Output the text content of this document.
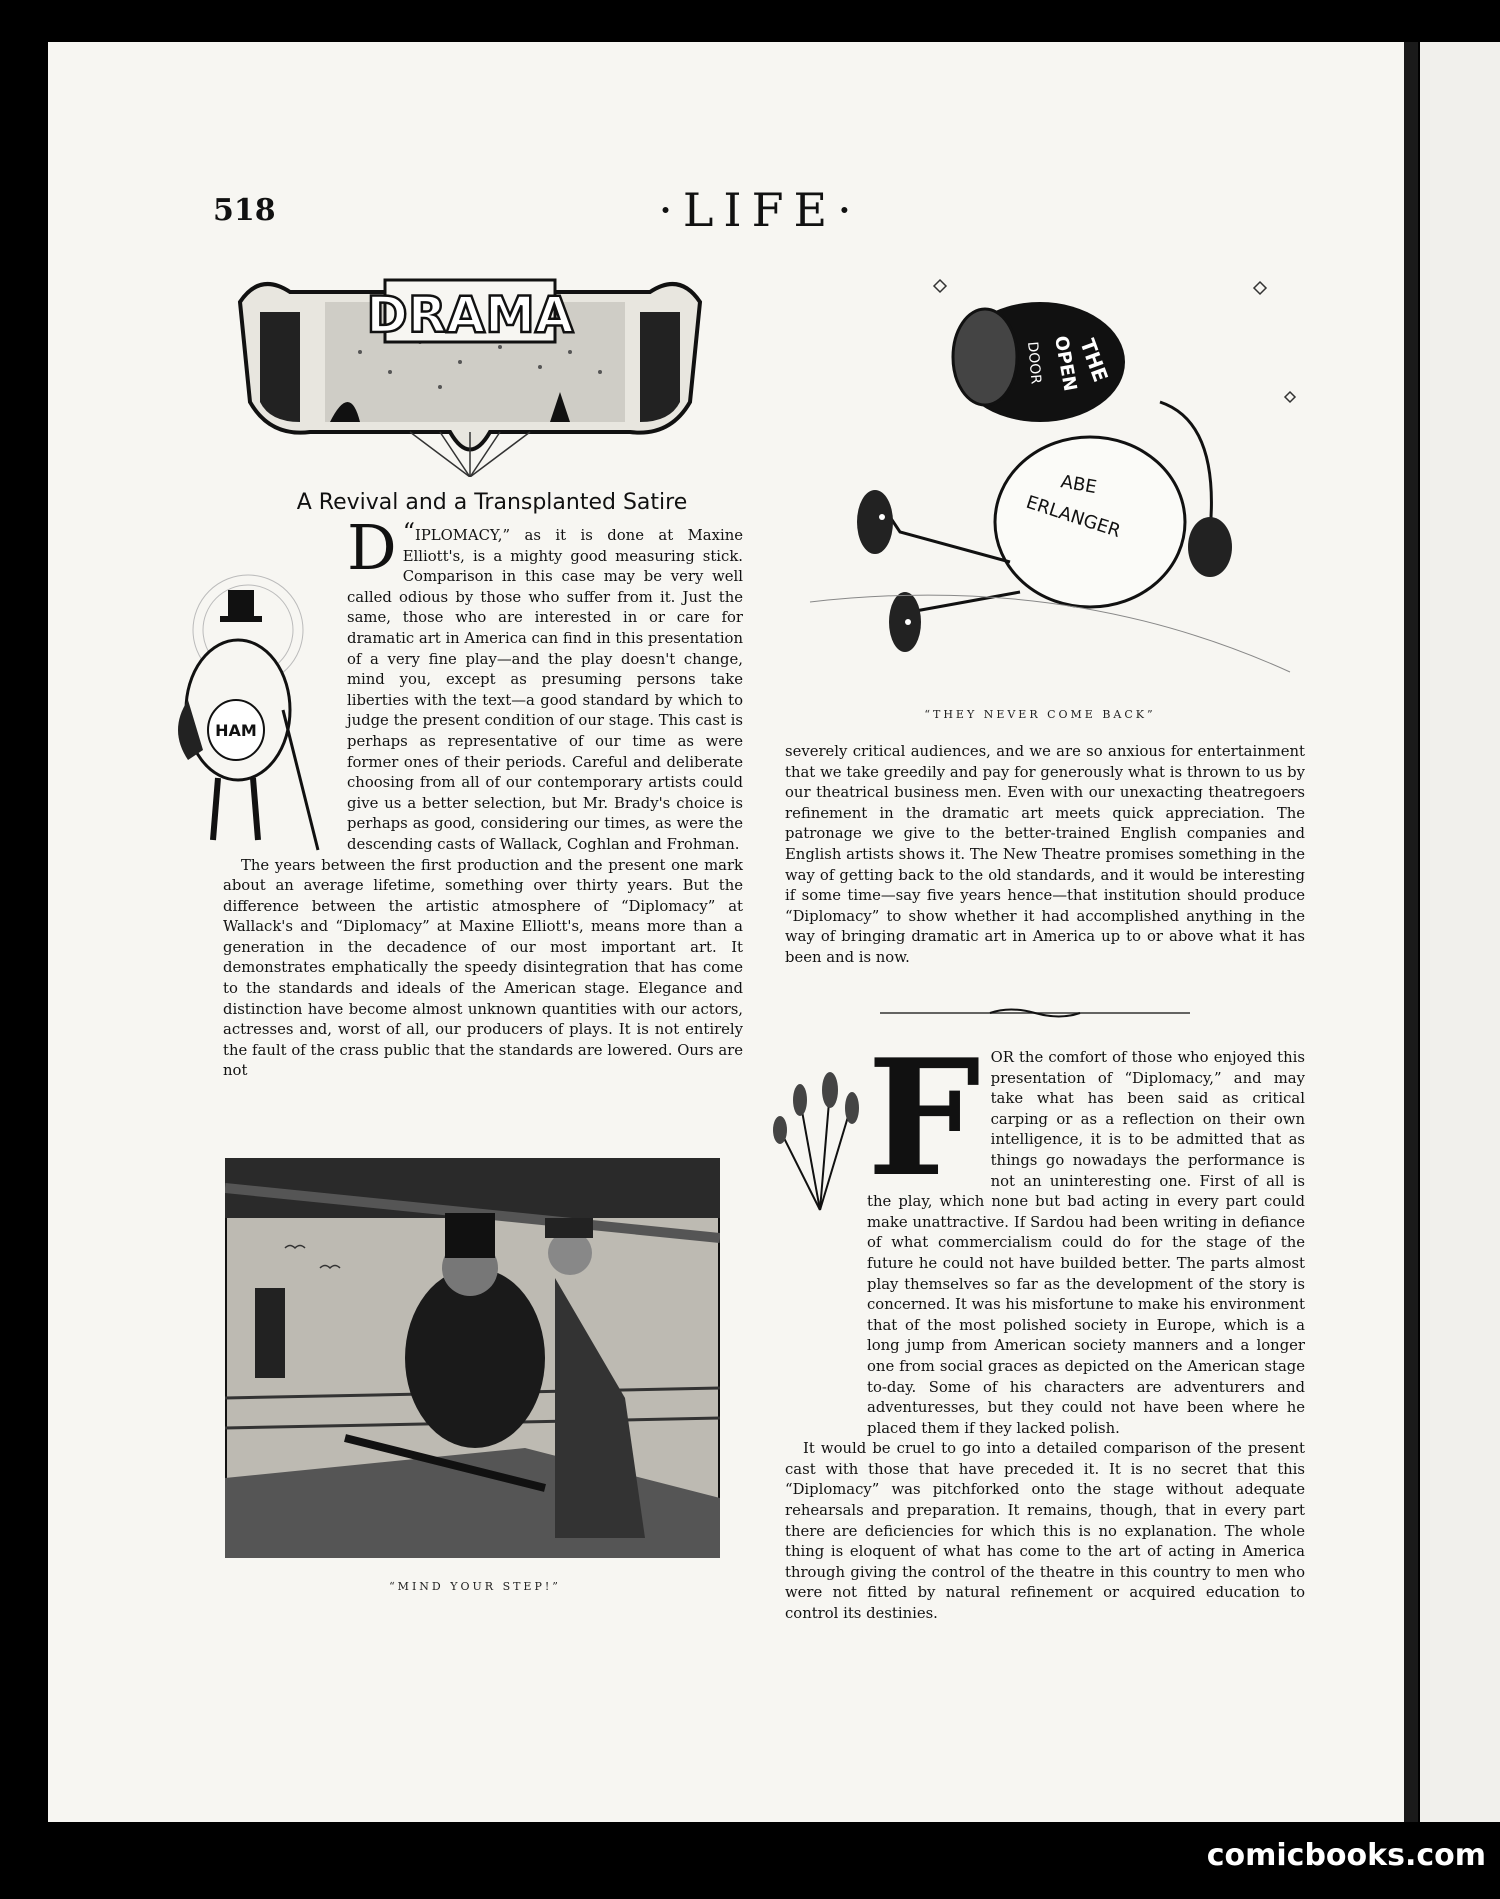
518	·LIFE·
DRAMA
A Revival and a Transplanted Satire
HAM

“
D IPLOMACY,” as it is done at Maxine Elliott's, is a mighty good measuring stick. Comparison in this case may be very well called odious by those who suffer from it. Just the same, those who are interested in or care for dramatic art in America can find in this presentation of a very fine play—and the play doesn't change, mind you, except as presuming persons take liberties with the text—a good standard by which to judge the present condition of our stage. This cast is perhaps as representative of our time as were former ones of their periods. Careful and deliberate choosing from all of our contemporary artists could give us a better selection, but Mr. Brady's choice is perhaps as good, considering our times, as were the descending casts of Wallack, Coghlan and Frohman.

The years between the first production and the present one mark about an average lifetime, something over thirty years. But the difference between the artistic atmosphere of “Diplomacy” at Wallack's and “Diplomacy” at Maxine Elliott's, means more than a generation in the decadence of our most important art. It demonstrates emphatically the speedy disintegration that has come to the standards and ideals of the American stage. Elegance and distinction have become almost unknown quantities with our actors, actresses and, worst of all, our producers of plays. It is not entirely the fault of the crass public that the standards are lowered. Ours are not

THE
OPEN
DOOR
ABE
ERLANGER
“THEY NEVER COME BACK”

severely critical audiences, and we are so anxious for entertainment that we take greedily and pay for generously what is thrown to us by our theatrical business men. Even with our unexacting theatregoers refinement in the dramatic art meets quick appreciation. The patronage we give to the better-trained English companies and English artists shows it. The New Theatre promises something in the way of getting back to the old standards, and it would be interesting if some time—say five years hence—that institution should produce “Diplomacy” to show whether it had accomplished anything in the way of bringing dramatic art in America up to or above what it has been and is now.

FOR the comfort of those who enjoyed this presentation of “Diplomacy,” and may take what has been said as critical carping or as a reflection on their own intelligence, it is to be admitted that as things go nowadays the performance is not an uninteresting one. First of all is the play, which none but bad acting in every part could make unattractive. If Sardou had been writing in defiance of what commercialism could do for the stage of the future he could not have builded better. The parts almost play themselves so far as the development of the story is concerned. It was his misfortune to make his environment that of the most polished society in Europe, which is a long jump from American society manners and a longer one from social graces as depicted on the American stage to-day. Some of his characters are adventurers and adventuresses, but they could not have been where he placed them if they lacked polish.

It would be cruel to go into a detailed comparison of the present cast with those that have preceded it. It is no secret that this “Diplomacy” was pitchforked onto the stage without adequate rehearsals and preparation. It remains, though, that in every part there are deficiencies for which this is no explanation. The whole thing is eloquent of what has come to the art of acting in America through giving the control of the theatre in this country to men who were not fitted by natural refinement or acquired education to control its destinies.

“MIND YOUR STEP!”
comicbooks.com
